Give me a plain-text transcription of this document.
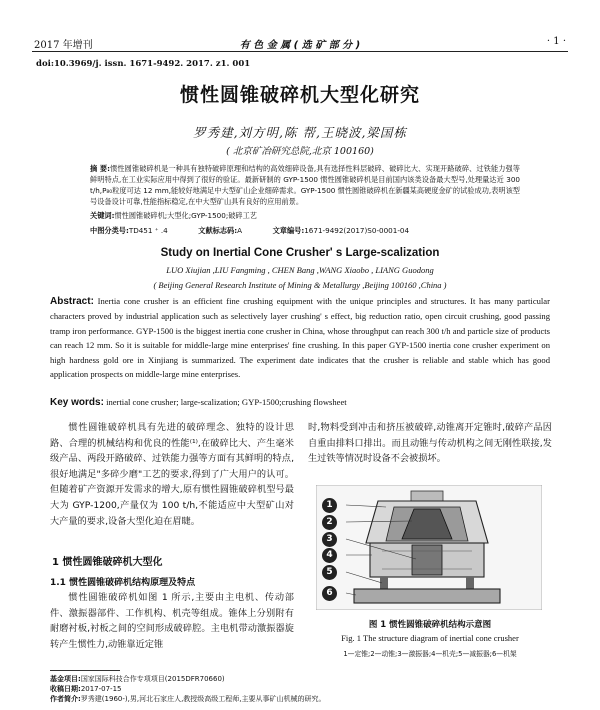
2017 年增刊	有 色 金 属 ( 选 矿 部 分 )	· 1 ·
doi:10.3969/j. issn. 1671-9492. 2017. z1. 001
惯性圆锥破碎机大型化研究
罗秀建,刘方明,陈 帮,王晓波,梁国栋
( 北京矿冶研究总院,北京 100160)
摘 要:惯性圆锥破碎机是一种具有独特破碎原理和结构的高效细碎设备,具有选择性料层破碎、破碎比大、实现开路破碎、过铁能力强等鲜明特点,在工业实际应用中得到了很好的验证。最新研制的 GYP-1500 惯性圆锥破碎机是目前国内该类设备最大型号,处理量达近 300 t/h,P₈₀粒度可达 12 mm,能较好地满足中大型矿山企业细碎需求。GYP-1500 惯性圆锥破碎机在新疆某高硬度金矿的试验成功,表明该型号设备设计可靠,性能指标稳定,在中大型矿山具有良好的应用前景。
关键词:惯性圆锥破碎机;大型化;GYP-1500;破碎工艺
中图分类号:TD451 ⁺ .4	文献标志码:A	文章编号:1671-9492(2017)S0-0001-04
Study on Inertial Cone Crusher' s Large-scalization
LUO Xiujian ,LIU Fangming , CHEN Bang ,WANG Xiaobo , LIANG Guodong
( Beijing General Research Institute of Mining & Metallurgy ,Beijing 100160 ,China )
Abstract: Inertia cone crusher is an efficient fine crushing equipment with the unique principles and structures. It has many particular characters proved by industrial application such as selectively layer crushing' s effect, big reduction ratio, open circuit crushing, good passing tramp iron performance. GYP-1500 is the biggest inertia cone crusher in China, whose throughput can reach 300 t/h and particle size of products can reach 12 mm. So it is suitable for middle-large mine enterprises' fine crushing. In this paper GYP-1500 inertia cone crusher experiment on high hardness gold ore in Xinjiang is summarized. The experiment date indicates that the crusher is reliable and stable which has good application prospects on middle-large mine enterprises.
Key words: inertial cone crusher; large-scalization; GYP-1500;crushing flowsheet
惯性圆锥破碎机具有先进的破碎理念、独特的设计思路、合理的机械结构和优良的性能⁽¹⁾,在破碎比大、产生毫米级产品、两段开路破碎、过铁能力强等方面有其鲜明的特点,很好地满足"多碎少磨"工艺的要求,得到了广大用户的认可。但随着矿产资源开发需求的增大,原有惯性圆锥破碎机型号最大为 GYP-1200,产量仅为 100 t/h,不能适应中大型矿山对大产量的要求,设备大型化迫在眉睫。
1 惯性圆锥破碎机大型化
1.1 惯性圆锥破碎机结构原理及特点
惯性圆锥破碎机如图 1 所示,主要由主电机、传动部件、激振器部件、工作机构、机壳等组成。锥体上分别附有耐磨衬板,衬板之间的空间形成破碎腔。主电机带动激振器旋转产生惯性力,动锥靠近定锥
时,物料受到冲击和挤压被破碎,动锥离开定锥时,破碎产品因自重由排料口排出。而且动锥与传动机构之间无刚性联接,发生过铁等情况时设备不会被损坏。
1
2
3
4
5
6
图 1 惯性圆锥破碎机结构示意图
Fig. 1 The structure diagram of inertial cone crusher
1—定锥;2—动锥;3—激振器;4—机壳;5—减振器;6—机架
基金项目:国家国际科技合作专项项目(2015DFR70660)
收稿日期:2017-07-15
作者简介:罗秀建(1960-),男,河北石家庄人,教授级高级工程师,主要从事矿山机械的研究。
